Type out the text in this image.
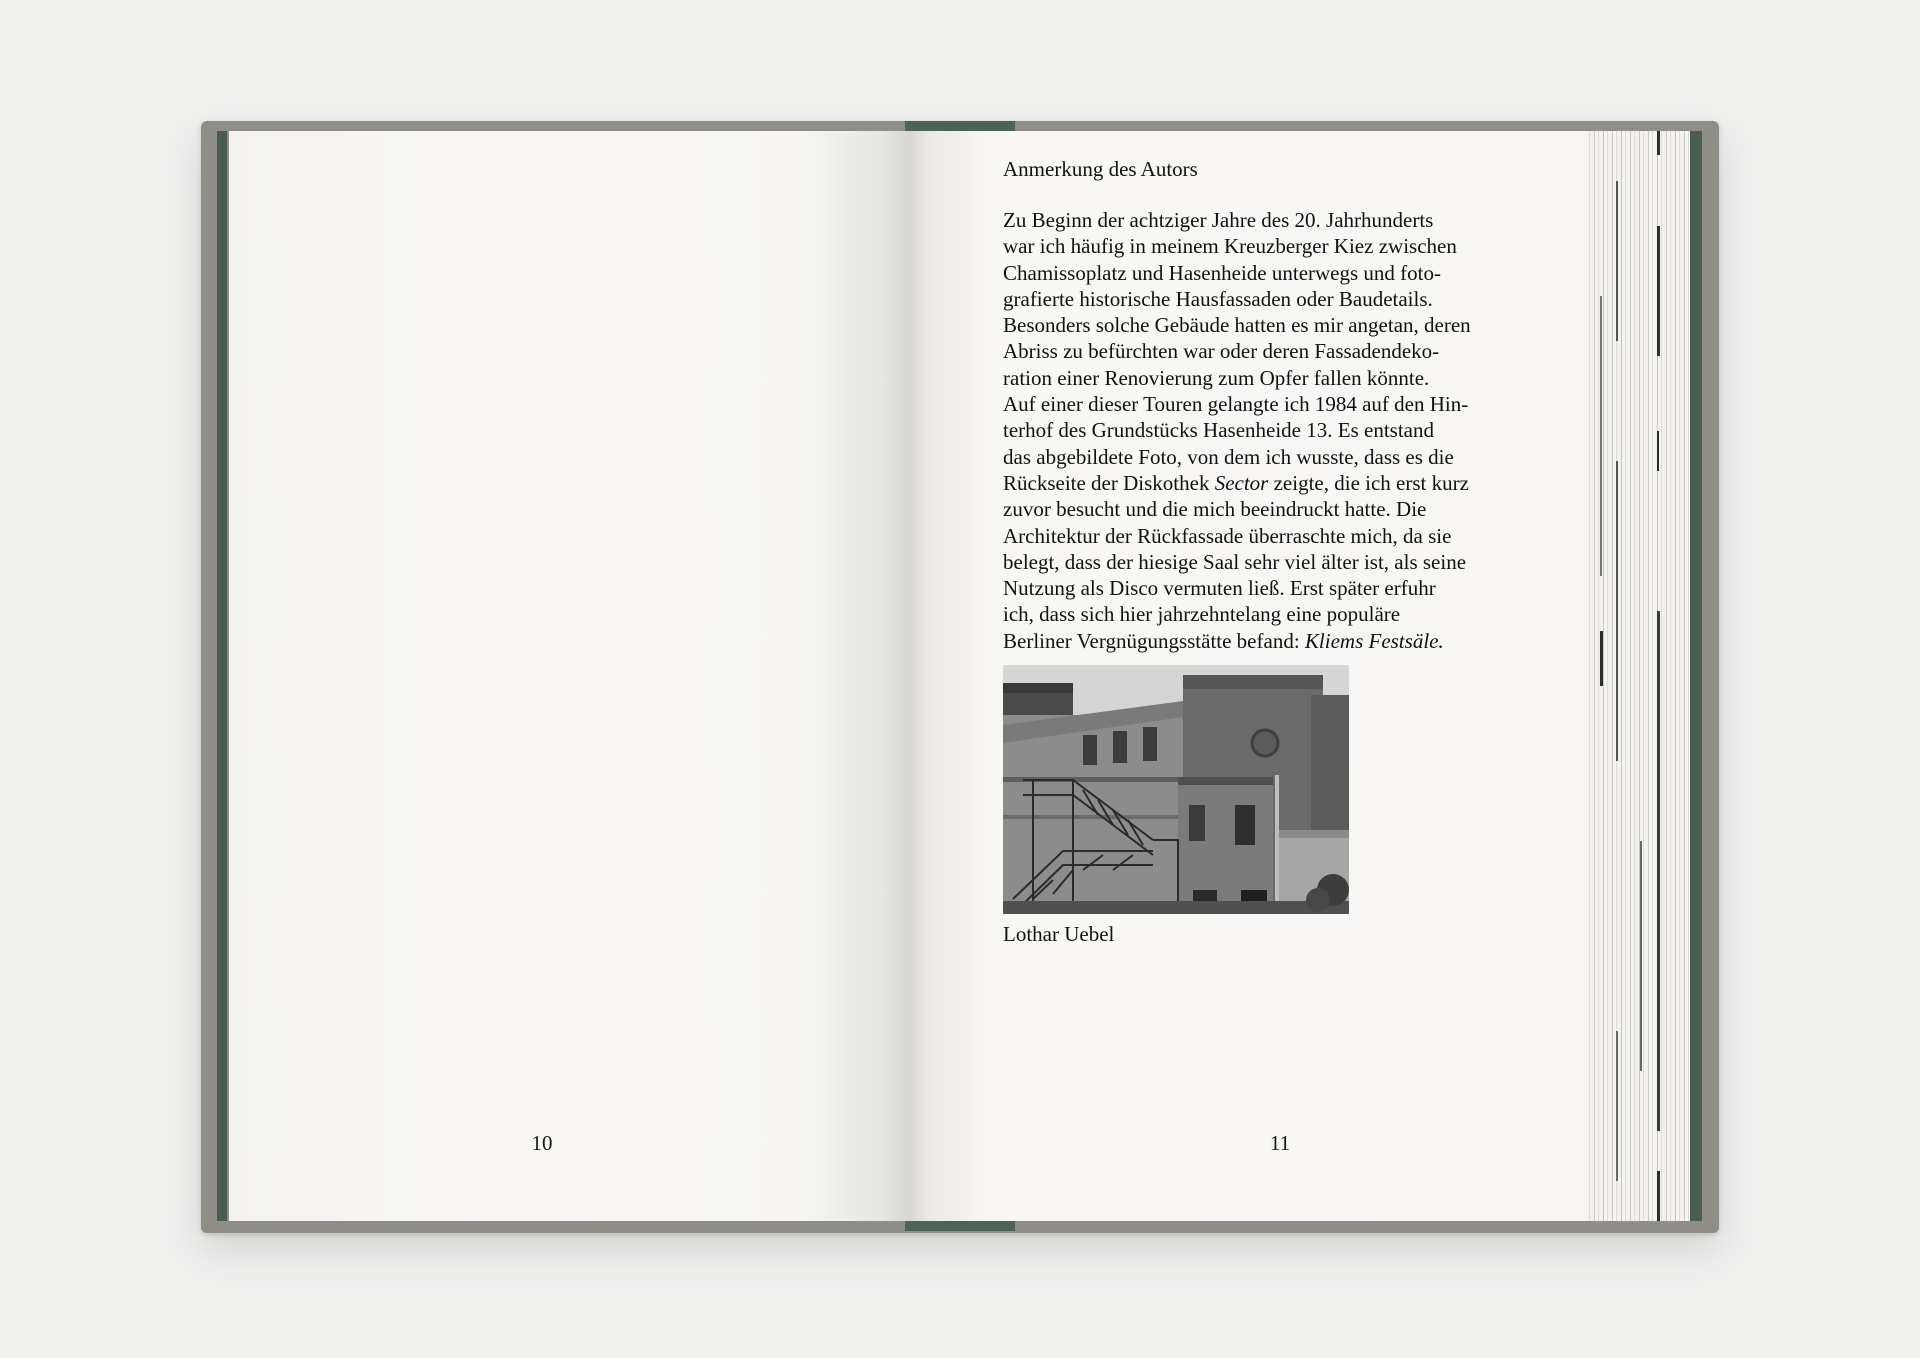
10	11
Anmerkung des Autors
Zu Beginn der achtziger Jahre des 20. Jahrhunderts
war ich häufig in meinem Kreuzberger Kiez zwischen
Chamissoplatz und Hasenheide unterwegs und foto-
grafierte historische Hausfassaden oder Baudetails.
Besonders solche Gebäude hatten es mir angetan, deren
Abriss zu befürchten war oder deren Fassadendeko-
ration einer Renovierung zum Opfer fallen könnte.
Auf einer dieser Touren gelangte ich 1984 auf den Hin-
terhof des Grundstücks Hasenheide 13. Es entstand
das abgebildete Foto, von dem ich wusste, dass es die
Rückseite der Diskothek Sector zeigte, die ich erst kurz
zuvor besucht und die mich beeindruckt hatte. Die
Architektur der Rückfassade überraschte mich, da sie
belegt, dass der hiesige Saal sehr viel älter ist, als seine
Nutzung als Disco vermuten ließ. Erst später erfuhr
ich, dass sich hier jahrzehntelang eine populäre
Berliner Vergnügungsstätte befand: Kliems Festsäle.
Lothar Uebel
